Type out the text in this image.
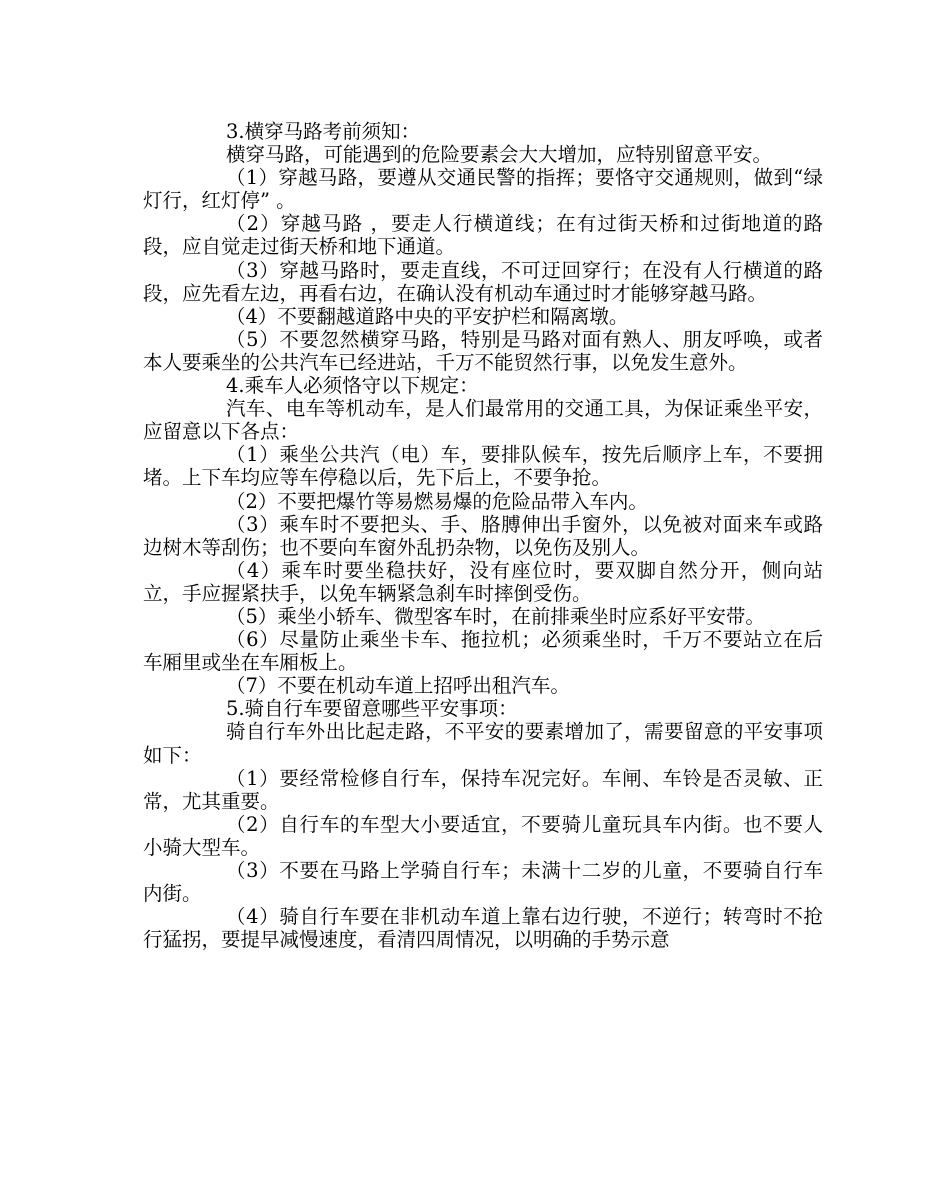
3.横穿马路考前须知：

横穿马路，可能遇到的危险要素会大大增加，应特别留意平安。

（1）穿越马路，要遵从交通民警的指挥；要恪守交通规则，做到“绿灯行，红灯停” 。

（2）穿越马路 ，要走人行横道线；在有过街天桥和过街地道的路段，应自觉走过街天桥和地下通道。

（3）穿越马路时，要走直线，不可迂回穿行；在没有人行横道的路段，应先看左边，再看右边，在确认没有机动车通过时才能够穿越马路。

（4）不要翻越道路中央的平安护栏和隔离墩。

（5）不要忽然横穿马路，特别是马路对面有熟人、朋友呼唤，或者本人要乘坐的公共汽车已经进站，千万不能贸然行事，以免发生意外。

4.乘车人必须恪守以下规定：

汽车、电车等机动车，是人们最常用的交通工具，为保证乘坐平安，应留意以下各点：

（1）乘坐公共汽（电）车，要排队候车，按先后顺序上车，不要拥堵。上下车均应等车停稳以后，先下后上，不要争抢。

（2）不要把爆竹等易燃易爆的危险品带入车内。

（3）乘车时不要把头、手、胳膊伸出手窗外，以免被对面来车或路边树木等刮伤；也不要向车窗外乱扔杂物，以免伤及别人。

（4）乘车时要坐稳扶好，没有座位时，要双脚自然分开，侧向站立，手应握紧扶手，以免车辆紧急刹车时摔倒受伤。

（5）乘坐小轿车、微型客车时，在前排乘坐时应系好平安带。

（6）尽量防止乘坐卡车、拖拉机；必须乘坐时，千万不要站立在后车厢里或坐在车厢板上。

（7）不要在机动车道上招呼出租汽车。

5.骑自行车要留意哪些平安事项：

骑自行车外出比起走路，不平安的要素增加了，需要留意的平安事项如下：

（1）要经常检修自行车，保持车况完好。车闸、车铃是否灵敏、正常，尤其重要。

（2）自行车的车型大小要适宜，不要骑儿童玩具车内街。也不要人小骑大型车。

（3）不要在马路上学骑自行车；未满十二岁的儿童，不要骑自行车内街。

（4）骑自行车要在非机动车道上靠右边行驶，不逆行；转弯时不抢行猛拐，要提早减慢速度，看清四周情况，以明确的手势示意
